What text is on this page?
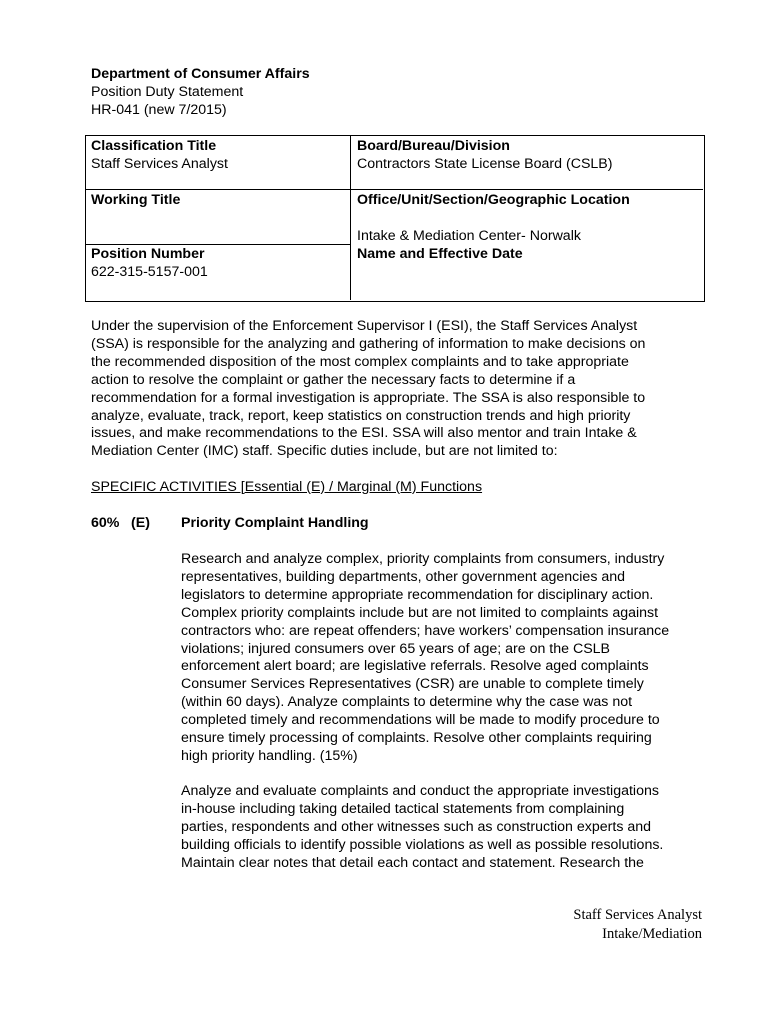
Department of Consumer Affairs
Position Duty Statement
HR-041 (new 7/2015)
Classification Title
Staff Services Analyst
Board/Bureau/Division
Contractors State License Board (CSLB)
Working Title	Office/Unit/Section/Geographic Location
Intake & Mediation Center- Norwalk
Position Number
622-315-5157-001
Name and Effective Date
Under the supervision of the Enforcement Supervisor I (ESI), the Staff Services Analyst
(SSA) is responsible for the analyzing and gathering of information to make decisions on
the recommended disposition of the most complex complaints and to take appropriate
action to resolve the complaint or gather the necessary facts to determine if a
recommendation for a formal investigation is appropriate. The SSA is also responsible to
analyze, evaluate, track, report, keep statistics on construction trends and high priority
issues, and make recommendations to the ESI. SSA will also mentor and train Intake &
Mediation Center (IMC) staff. Specific duties include, but are not limited to:
SPECIFIC ACTIVITIES [Essential (E) / Marginal (M) Functions
60% (E) Priority Complaint Handling
Research and analyze complex, priority complaints from consumers, industry
representatives, building departments, other government agencies and
legislators to determine appropriate recommendation for disciplinary action.
Complex priority complaints include but are not limited to complaints against
contractors who: are repeat offenders; have workers’ compensation insurance
violations; injured consumers over 65 years of age; are on the CSLB
enforcement alert board; are legislative referrals. Resolve aged complaints
Consumer Services Representatives (CSR) are unable to complete timely
(within 60 days). Analyze complaints to determine why the case was not
completed timely and recommendations will be made to modify procedure to
ensure timely processing of complaints. Resolve other complaints requiring
high priority handling. (15%)
Analyze and evaluate complaints and conduct the appropriate investigations
in-house including taking detailed tactical statements from complaining
parties, respondents and other witnesses such as construction experts and
building officials to identify possible violations as well as possible resolutions.
Maintain clear notes that detail each contact and statement. Research the
Staff Services Analyst
Intake/Mediation
